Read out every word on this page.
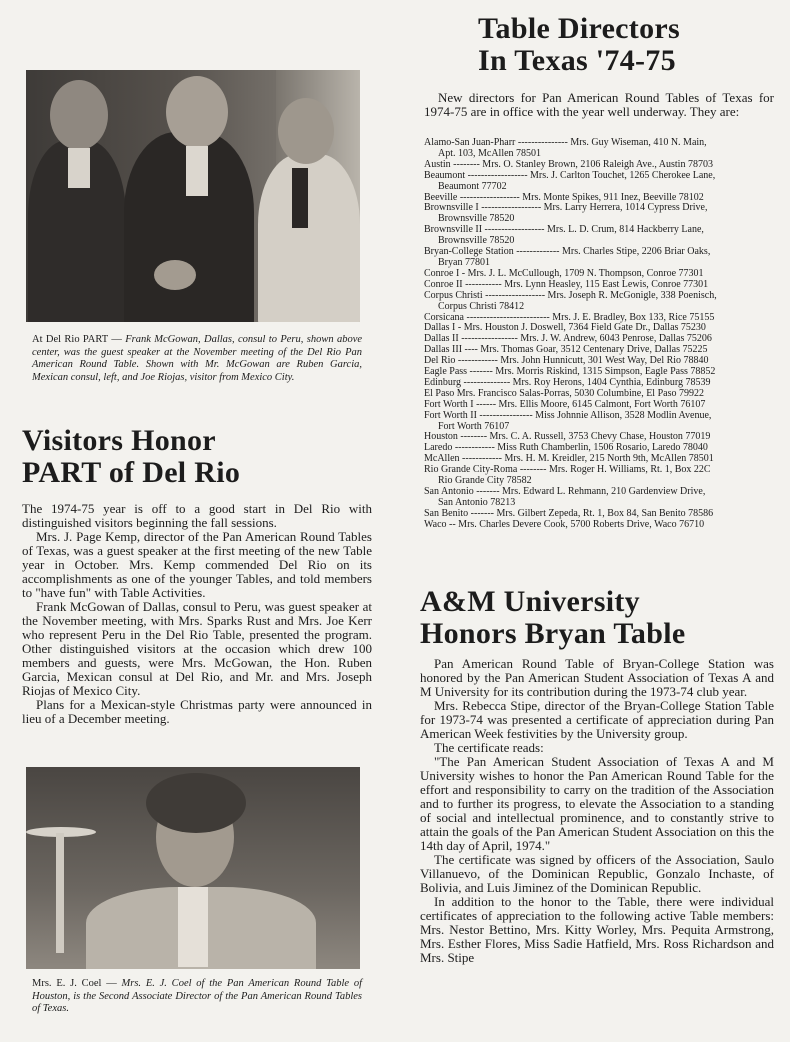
At Del Rio PART — Frank McGowan, Dallas, consul to Peru, shown above center, was the guest speaker at the November meeting of the Del Rio Pan American Round Table. Shown with Mr. McGowan are Ruben Garcia, Mexican consul, left, and Joe Riojas, visitor from Mexico City.
Visitors Honor
PART of Del Rio

The 1974-75 year is off to a good start in Del Rio with distinguished visitors beginning the fall sessions.

Mrs. J. Page Kemp, director of the Pan American Round Tables of Texas, was a guest speaker at the first meeting of the new Table year in October. Mrs. Kemp commended Del Rio on its accomplishments as one of the younger Tables, and told members to "have fun" with Table Activities.

Frank McGowan of Dallas, consul to Peru, was guest speaker at the November meeting, with Mrs. Sparks Rust and Mrs. Joe Kerr who represent Peru in the Del Rio Table, presented the program. Other distinguished visitors at the occasion which drew 100 members and guests, were Mrs. McGowan, the Hon. Ruben Garcia, Mexican consul at Del Rio, and Mr. and Mrs. Joseph Riojas of Mexico City.

Plans for a Mexican-style Christmas party were announced in lieu of a December meeting.

Mrs. E. J. Coel — Mrs. E. J. Coel of the Pan American Round Table of Houston, is the Second Associate Director of the Pan American Round Tables of Texas.
Table Directors
In Texas '74-75

New directors for Pan American Round Tables of Texas for 1974-75 are in office with the year well underway. They are:

Alamo-San Juan-Pharr --------------- Mrs. Guy Wiseman, 410 N. Main,
Apt. 103, McAllen 78501
Austin -------- Mrs. O. Stanley Brown, 2106 Raleigh Ave., Austin 78703
Beaumont ------------------ Mrs. J. Carlton Touchet, 1265 Cherokee Lane,
Beaumont 77702
Beeville ------------------ Mrs. Monte Spikes, 911 Inez, Beeville 78102
Brownsville I ------------------ Mrs. Larry Herrera, 1014 Cypress Drive,
Brownsville 78520
Brownsville II ------------------ Mrs. L. D. Crum, 814 Hackberry Lane,
Brownsville 78520
Bryan-College Station ------------- Mrs. Charles Stipe, 2206 Briar Oaks,
Bryan 77801
Conroe I - Mrs. J. L. McCullough, 1709 N. Thompson, Conroe 77301
Conroe II ----------- Mrs. Lynn Heasley, 115 East Lewis, Conroe 77301
Corpus Christi ------------------ Mrs. Joseph R. McGonigle, 338 Poenisch,
Corpus Christi 78412
Corsicana ------------------------- Mrs. J. E. Bradley, Box 133, Rice 75155
Dallas I - Mrs. Houston J. Doswell, 7364 Field Gate Dr., Dallas 75230
Dallas II ----------------- Mrs. J. W. Andrew, 6043 Penrose, Dallas 75206
Dallas III ---- Mrs. Thomas Goar, 3512 Centenary Drive, Dallas 75225
Del Rio ------------ Mrs. John Hunnicutt, 301 West Way, Del Rio 78840
Eagle Pass ------- Mrs. Morris Riskind, 1315 Simpson, Eagle Pass 78852
Edinburg -------------- Mrs. Roy Herons, 1404 Cynthia, Edinburg 78539
El Paso Mrs. Francisco Salas-Porras, 5030 Columbine, El Paso 79922
Fort Worth I ------ Mrs. Ellis Moore, 6145 Calmont, Fort Worth 76107
Fort Worth II ---------------- Miss Johnnie Allison, 3528 Modlin Avenue,
Fort Worth 76107
Houston -------- Mrs. C. A. Russell, 3753 Chevy Chase, Houston 77019
Laredo ------------ Miss Ruth Chamberlin, 1506 Rosario, Laredo 78040
McAllen ------------ Mrs. H. M. Kreidler, 215 North 9th, McAllen 78501
Rio Grande City-Roma -------- Mrs. Roger H. Williams, Rt. 1, Box 22C
Rio Grande City 78582
San Antonio ------- Mrs. Edward L. Rehmann, 210 Gardenview Drive,
San Antonio 78213
San Benito ------- Mrs. Gilbert Zepeda, Rt. 1, Box 84, San Benito 78586
Waco -- Mrs. Charles Devere Cook, 5700 Roberts Drive, Waco 76710
A&M University
Honors Bryan Table

Pan American Round Table of Bryan-College Station was honored by the Pan American Student Association of Texas A and M University for its contribution during the 1973-74 club year.

Mrs. Rebecca Stipe, director of the Bryan-College Station Table for 1973-74 was presented a certificate of appreciation during Pan American Week festivities by the University group.

The certificate reads:

"The Pan American Student Association of Texas A and M University wishes to honor the Pan American Round Table for the effort and responsibility to carry on the tradition of the Association and to further its progress, to elevate the Association to a standing of social and intellectual prominence, and to constantly strive to attain the goals of the Pan American Student Association on this the 14th day of April, 1974."

The certificate was signed by officers of the Association, Saulo Villanuevo, of the Dominican Republic, Gonzalo Inchaste, of Bolivia, and Luis Jiminez of the Dominican Republic.

In addition to the honor to the Table, there were individual certificates of appreciation to the following active Table members: Mrs. Nestor Bettino, Mrs. Kitty Worley, Mrs. Pequita Armstrong, Mrs. Esther Flores, Miss Sadie Hatfield, Mrs. Ross Richardson and Mrs. Stipe
